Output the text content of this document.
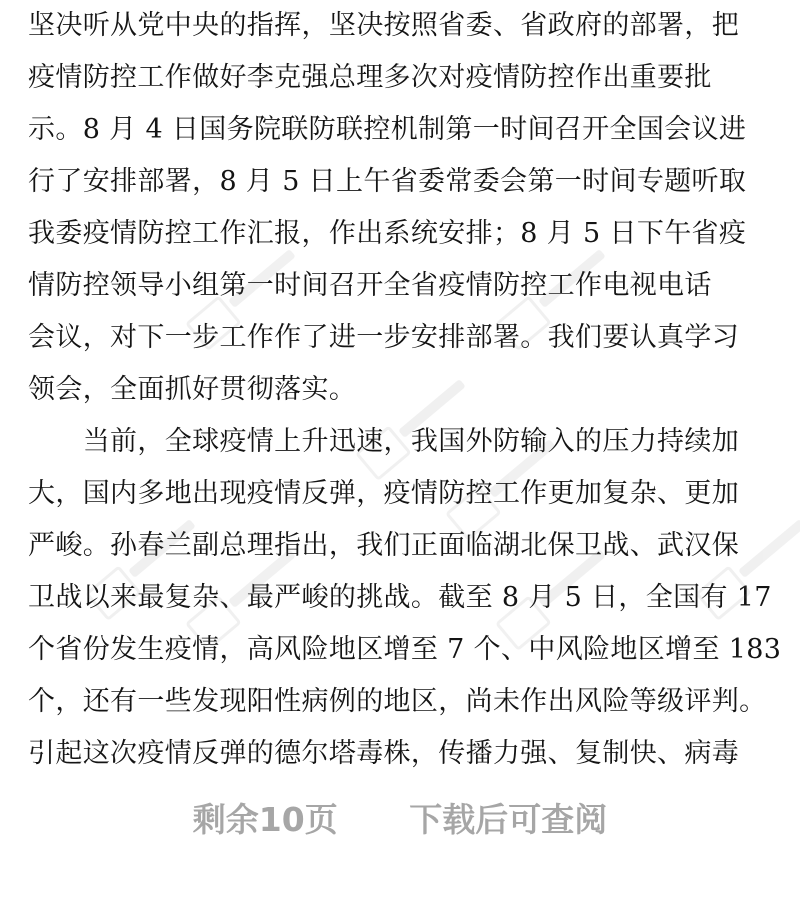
坚决听从党中央的指挥，坚决按照省委、省政府的部署，把
疫情防控工作做好李克强总理多次对疫情防控作出重要批
示。8 月 4 日国务院联防联控机制第一时间召开全国会议进
行了安排部署，8 月 5 日上午省委常委会第一时间专题听取
我委疫情防控工作汇报，作出系统安排；8 月 5 日下午省疫
情防控领导小组第一时间召开全省疫情防控工作电视电话
会议，对下一步工作作了进一步安排部署。我们要认真学习
领会，全面抓好贯彻落实。
　　当前，全球疫情上升迅速，我国外防输入的压力持续加
大，国内多地出现疫情反弹，疫情防控工作更加复杂、更加
严峻。孙春兰副总理指出，我们正面临湖北保卫战、武汉保
卫战以来最复杂、最严峻的挑战。截至 8 月 5 日，全国有 17
个省份发生疫情，高风险地区增至 7 个、中风险地区增至 183
个，还有一些发现阳性病例的地区，尚未作出风险等级评判。
引起这次疫情反弹的德尔塔毒株，传播力强、复制快、病毒
剩余10页 下载后可查阅
